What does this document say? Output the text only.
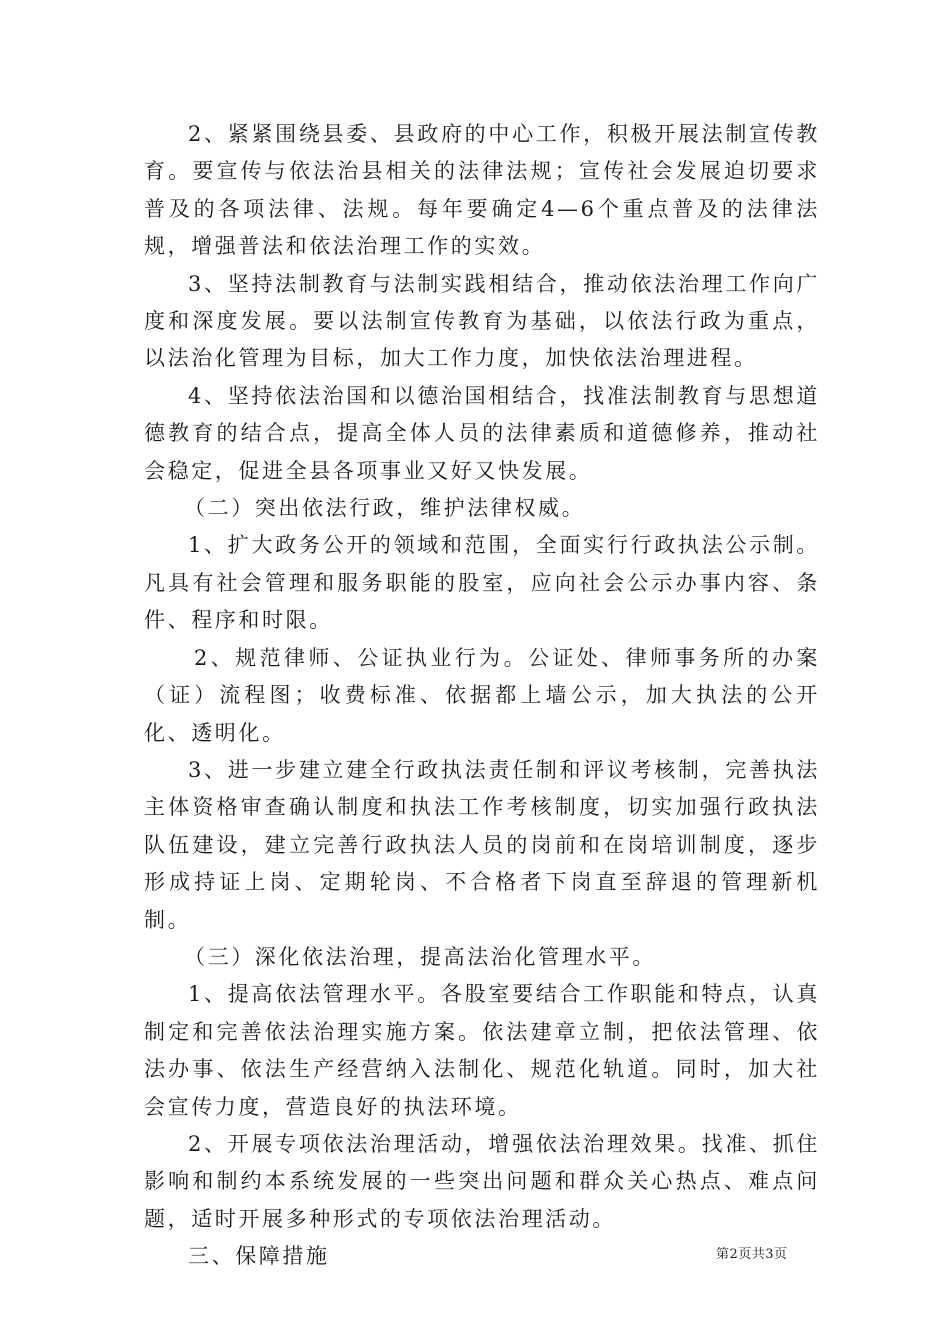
2、紧紧围绕县委、县政府的中心工作，积极开展法制宣传教育。要宣传与依法治县相关的法律法规；宣传社会发展迫切要求普及的各项法律、法规。每年要确定4—6个重点普及的法律法规，增强普法和依法治理工作的实效。

3、坚持法制教育与法制实践相结合，推动依法治理工作向广度和深度发展。要以法制宣传教育为基础，以依法行政为重点，以法治化管理为目标，加大工作力度，加快依法治理进程。

4、坚持依法治国和以德治国相结合，找准法制教育与思想道德教育的结合点，提高全体人员的法律素质和道德修养，推动社会稳定，促进全县各项事业又好又快发展。

（二）突出依法行政，维护法律权威。

1、扩大政务公开的领域和范围，全面实行行政执法公示制。凡具有社会管理和服务职能的股室，应向社会公示办事内容、条件、程序和时限。

2、规范律师、公证执业行为。公证处、律师事务所的办案（证）流程图；收费标准、依据都上墙公示，加大执法的公开化、透明化。

3、进一步建立建全行政执法责任制和评议考核制，完善执法主体资格审查确认制度和执法工作考核制度，切实加强行政执法队伍建设，建立完善行政执法人员的岗前和在岗培训制度，逐步形成持证上岗、定期轮岗、不合格者下岗直至辞退的管理新机制。

（三）深化依法治理，提高法治化管理水平。

1、提高依法管理水平。各股室要结合工作职能和特点，认真制定和完善依法治理实施方案。依法建章立制，把依法管理、依法办事、依法生产经营纳入法制化、规范化轨道。同时，加大社会宣传力度，营造良好的执法环境。

2、开展专项依法治理活动，增强依法治理效果。找准、抓住影响和制约本系统发展的一些突出问题和群众关心热点、难点问题，适时开展多种形式的专项依法治理活动。

三、保障措施	第2页共3页
